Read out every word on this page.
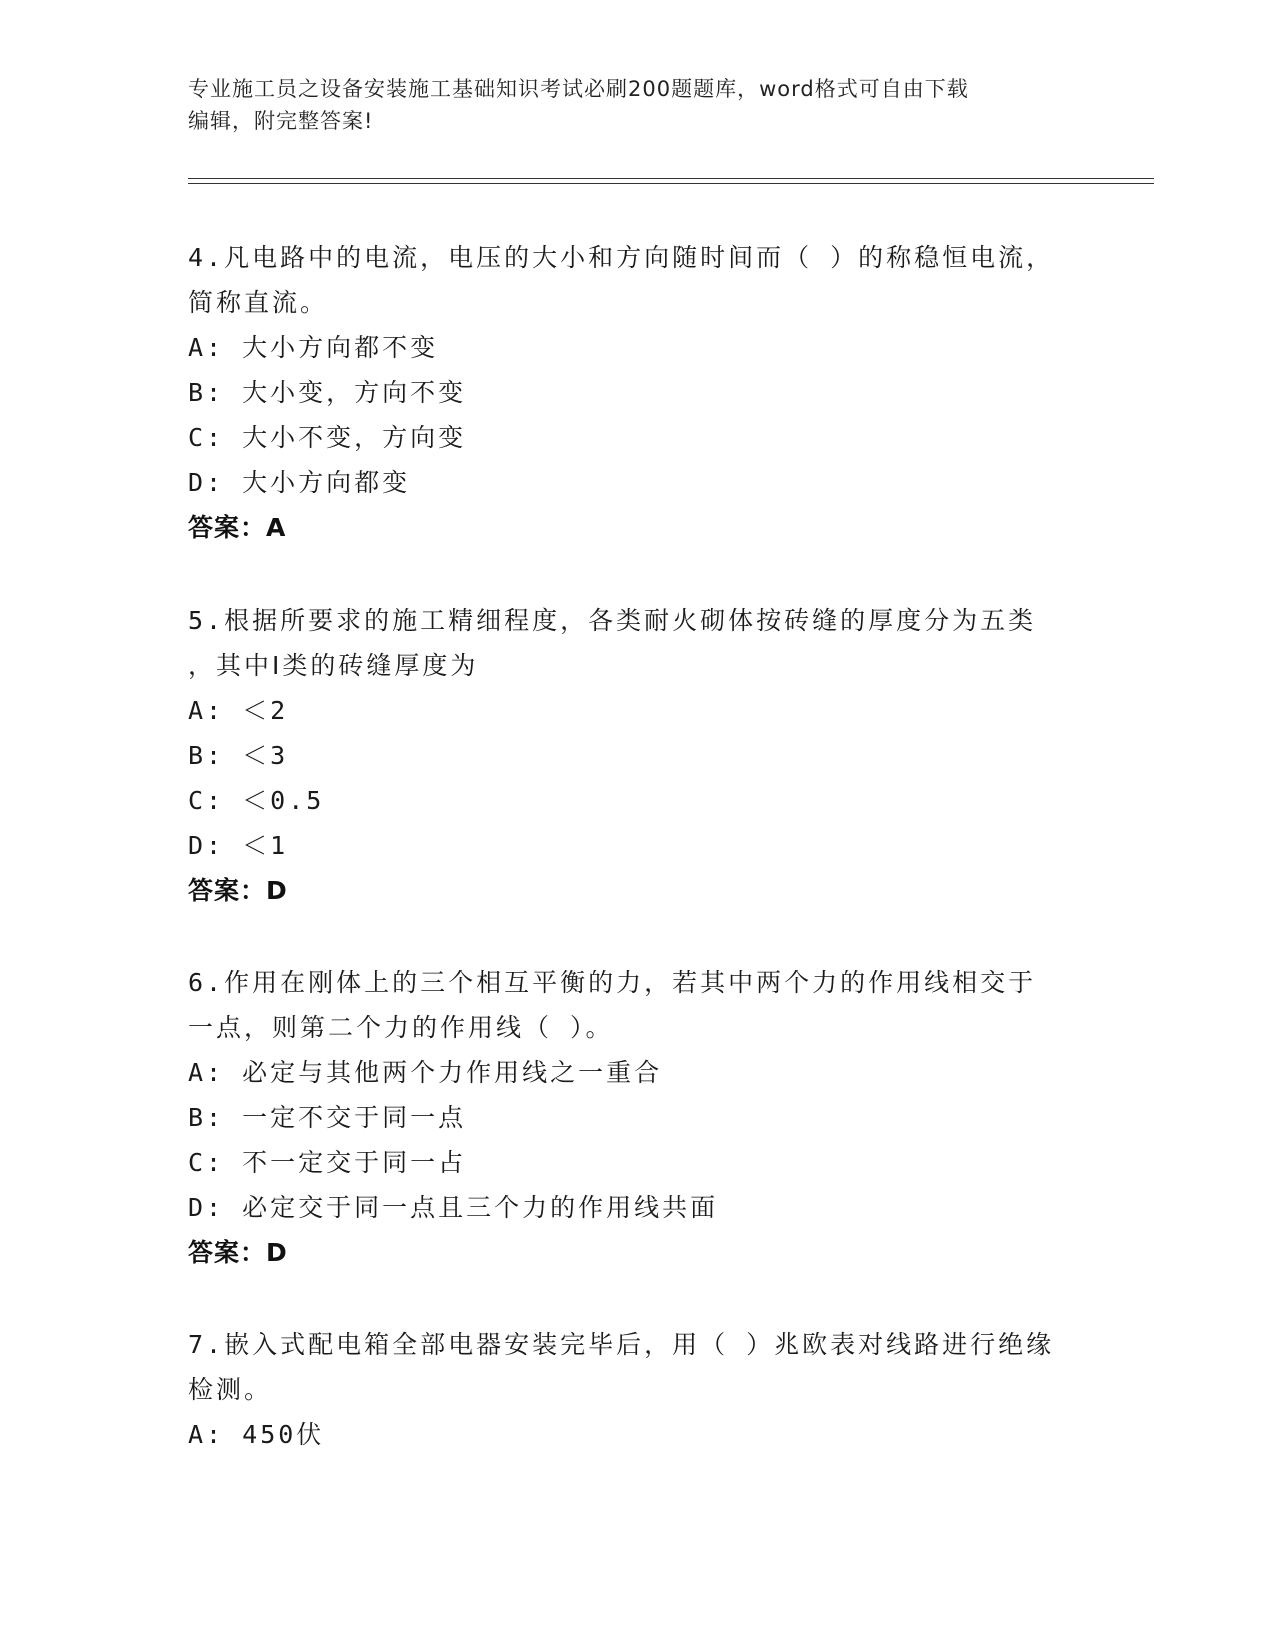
专业施工员之设备安装施工基础知识考试必刷200题题库，word格式可自由下载
编辑，附完整答案!
4.凡电路中的电流，电压的大小和方向随时间而（ ）的称稳恒电流，
简称直流。
A: 大小方向都不变
B: 大小变，方向不变
C: 大小不变，方向变
D: 大小方向都变
答案：A
5.根据所要求的施工精细程度，各类耐火砌体按砖缝的厚度分为五类
，其中Ⅰ类的砖缝厚度为
A: ＜2
B: ＜3
C: ＜0.5
D: ＜1
答案：D
6.作用在刚体上的三个相互平衡的力，若其中两个力的作用线相交于
一点，则第二个力的作用线（ ）。
A: 必定与其他两个力作用线之一重合
B: 一定不交于同一点
C: 不一定交于同一占
D: 必定交于同一点且三个力的作用线共面
答案：D
7.嵌入式配电箱全部电器安装完毕后，用（ ）兆欧表对线路进行绝缘
检测。
A: 450伏
